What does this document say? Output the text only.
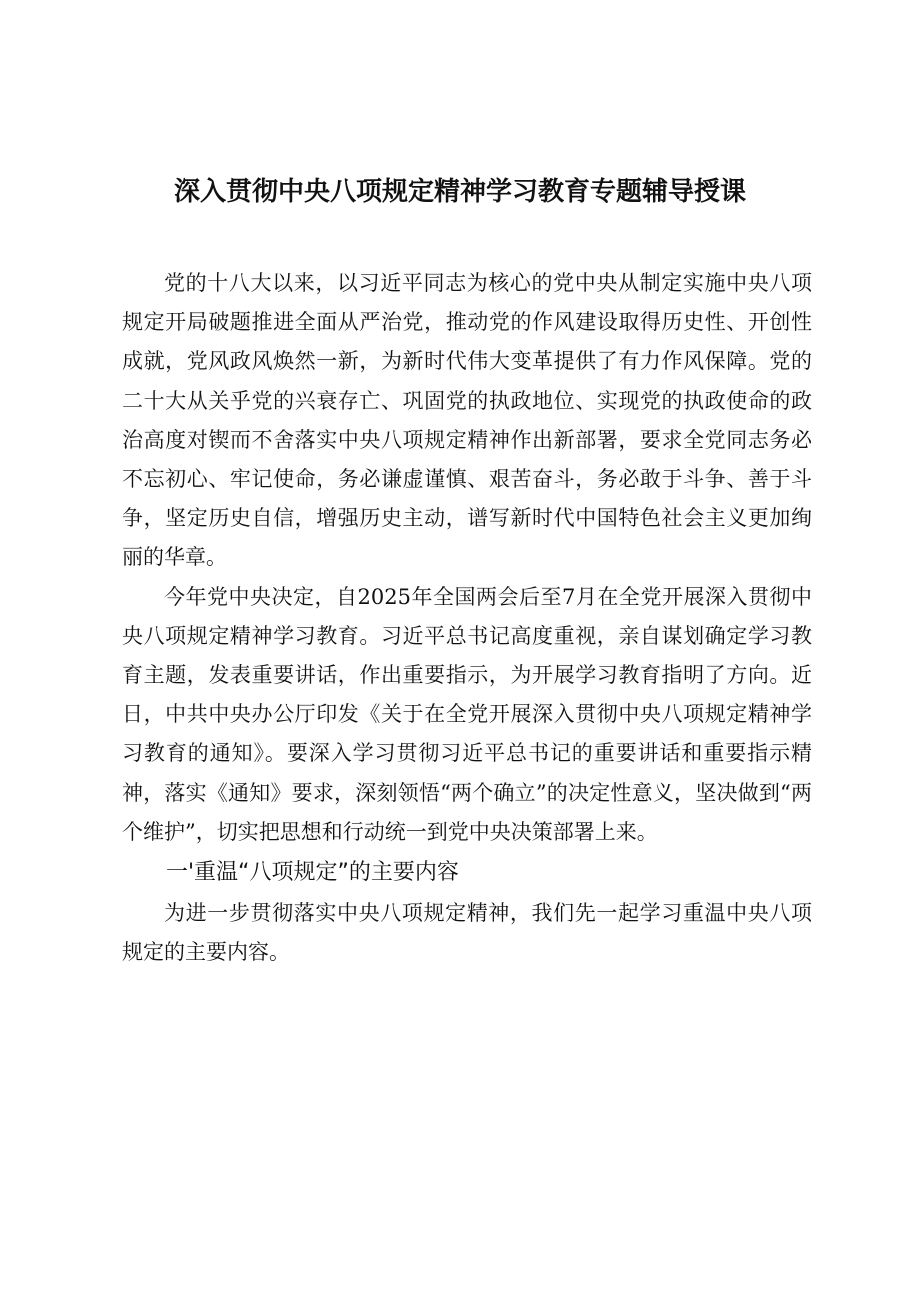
深入贯彻中央八项规定精神学习教育专题辅导授课

党的十八大以来，以习近平同志为核心的党中央从制定实施中央八项规定开局破题推进全面从严治党，推动党的作风建设取得历史性、开创性成就，党风政风焕然一新，为新时代伟大变革提供了有力作风保障。党的二十大从关乎党的兴衰存亡、巩固党的执政地位、实现党的执政使命的政治高度对锲而不舍落实中央八项规定精神作出新部署，要求全党同志务必不忘初心、牢记使命，务必谦虚谨慎、艰苦奋斗，务必敢于斗争、善于斗争，坚定历史自信，增强历史主动，谱写新时代中国特色社会主义更加绚丽的华章。

今年党中央决定，自2025年全国两会后至7月在全党开展深入贯彻中央八项规定精神学习教育。习近平总书记高度重视，亲自谋划确定学习教育主题，发表重要讲话，作出重要指示，为开展学习教育指明了方向。近日，中共中央办公厅印发《关于在全党开展深入贯彻中央八项规定精神学习教育的通知》。要深入学习贯彻习近平总书记的重要讲话和重要指示精神，落实《通知》要求，深刻领悟“两个确立”的决定性意义，坚决做到“两个维护”，切实把思想和行动统一到党中央决策部署上来。

一'重温“八项规定”的主要内容

为进一步贯彻落实中央八项规定精神，我们先一起学习重温中央八项规定的主要内容。
